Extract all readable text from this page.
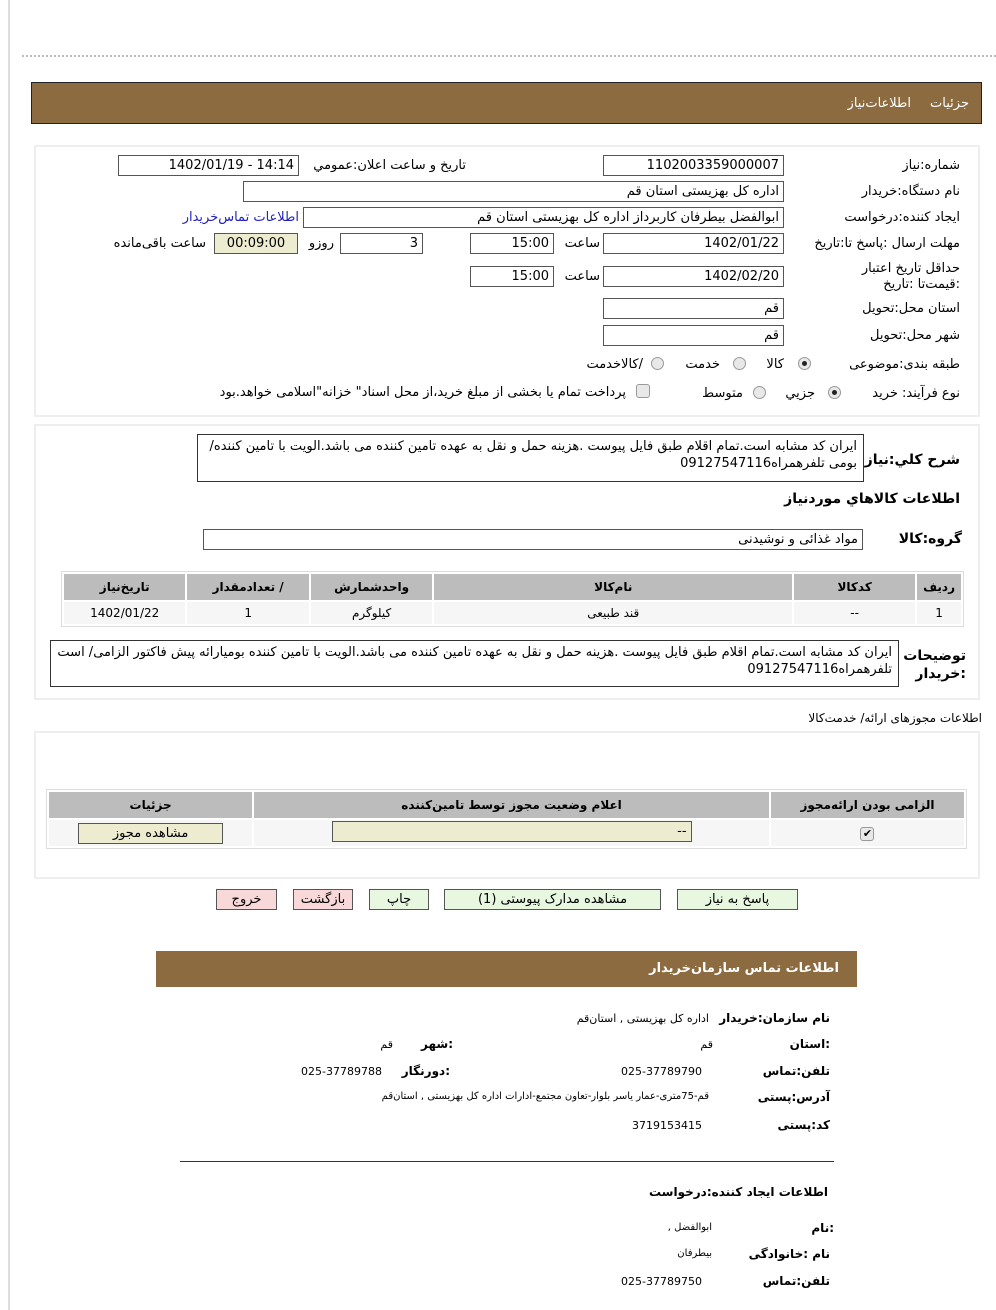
جزئیات
اطلاعات‌نیاز
شماره:نیاز
1102003359000007
تاریخ و ساعت اعلان:عمومي
1402/01/19 - 14:14
نام دستگاه:خریدار
اداره کل بهزیستی استان قم
ایجاد کننده:درخواست
ابوالفضل بیطرفان کاربرداز اداره کل بهزیستی استان قم
اطلاعات تماس‌خریدار
مهلت ارسال :پاسخ تا:تاریخ
1402/01/22
ساعت
15:00
3
روزو
00:09:00
ساعت باقی‌مانده
حداقل تاریخ اعتبار :قیمت‌تا :تاریخ
1402/02/20
ساعت
15:00
استان محل:تحویل
قم
شهر محل:تحویل
قم
طبقه بندی:موضوعی
کالا
خدمت
/کالاخدمت
نوع فرآیند: خرید
جزيي
متوسط
پرداخت تمام یا بخشی از مبلغ خرید،از محل اسناد" خزانه"اسلامی خواهد.بود
شرح کلي:نیاز
ایران کد مشابه است.تمام اقلام طبق فایل پیوست .هزینه حمل و نقل به عهده تامین کننده می باشد.الویت با تامین کننده/ بومی تلفرهمراه09127547116
اطلاعات کالاهاي موردنیاز
گروه:کالا
مواد غذائی و نوشیدنی
ردیف	کدکالا	نام‌کالا	واحدشمارش	/ تعدادمقدار	تاریخ‌نیاز
1	--	قند طبیعی	کیلوگرم	1	1402/01/22
توضیحات :خریدار
ایران کد مشابه است.تمام اقلام طبق فایل پیوست .هزینه حمل و نقل به عهده تامین کننده می باشد.الویت با تامین کننده بومیارائه پیش فاکتور الزامی/ است تلفرهمراه09127547116
اطلاعات مجوزهای ارائه/ خدمت‌کالا
الزامی بودن ارائه‌مجوز	اعلام وضعیت مجوز توسط تامین‌کننده	جزئیات
✔	--	مشاهده مجوز
پاسخ به نیاز
مشاهده مدارک پیوستی (1)
چاپ
بازگشت
خروج
اطلاعات تماس سازمان‌خریدار
نام سازمان:خریدار
اداره کل بهزیستی , استان‌قم
:استان
قم
:شهر
قم
تلفن:تماس
025-37789790
:دورنگار
025-37789788
آدرس:پستی
قم-75متری-عمار یاسر بلوار-تعاون مجتمع-ادارات اداره کل بهزیستی , استان‌قم
کد:پستی
3719153415
اطلاعات ایجاد کننده:درخواست
:نام
ابوالفضل ,
نام :خانوادگی
بیطرفان
تلفن:تماس
025-37789750
